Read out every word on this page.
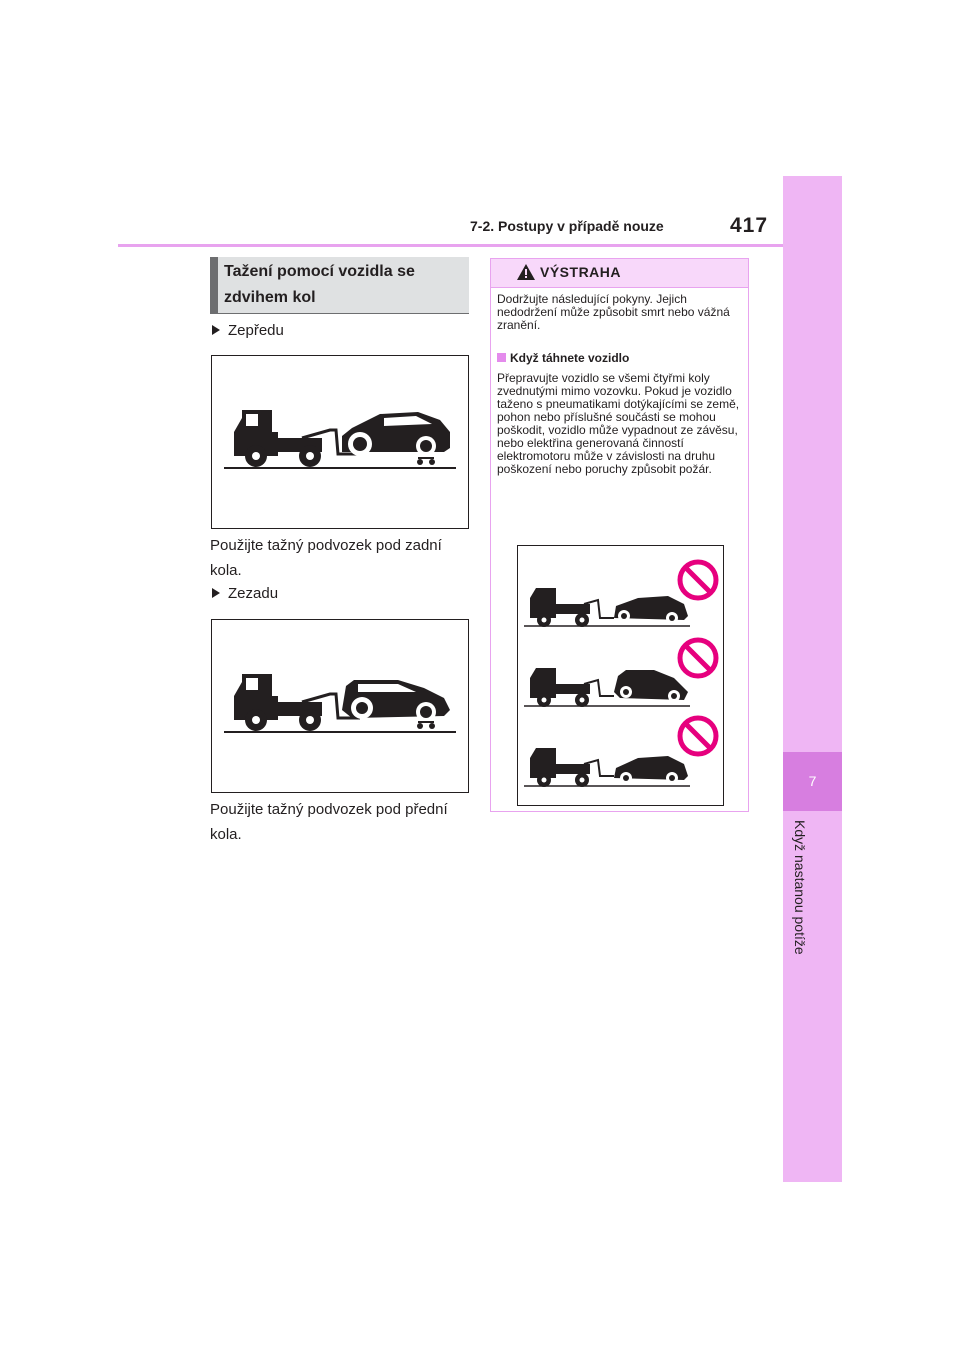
7-2. Postupy v případě nouze	417
7
Když nastanou potíže
Tažení pomocí vozidla se zdvihem kol
Zepředu
Použijte tažný podvozek pod zadní kola.
Zezadu
Použijte tažný podvozek pod přední kola.
VÝSTRAHA
Dodržujte následující pokyny. Jejich nedodržení může způsobit smrt nebo vážná zranění.
Když táhnete vozidlo
Přepravujte vozidlo se všemi čtyřmi koly zvednutými mimo vozovku. Pokud je vozidlo taženo s pneumatikami dotýkajícími se země, pohon nebo příslušné součásti se mohou poškodit, vozidlo může vypadnout ze závěsu, nebo elektřina generovaná činností elektromotoru může v závislosti na druhu poškození nebo poruchy způsobit požár.
